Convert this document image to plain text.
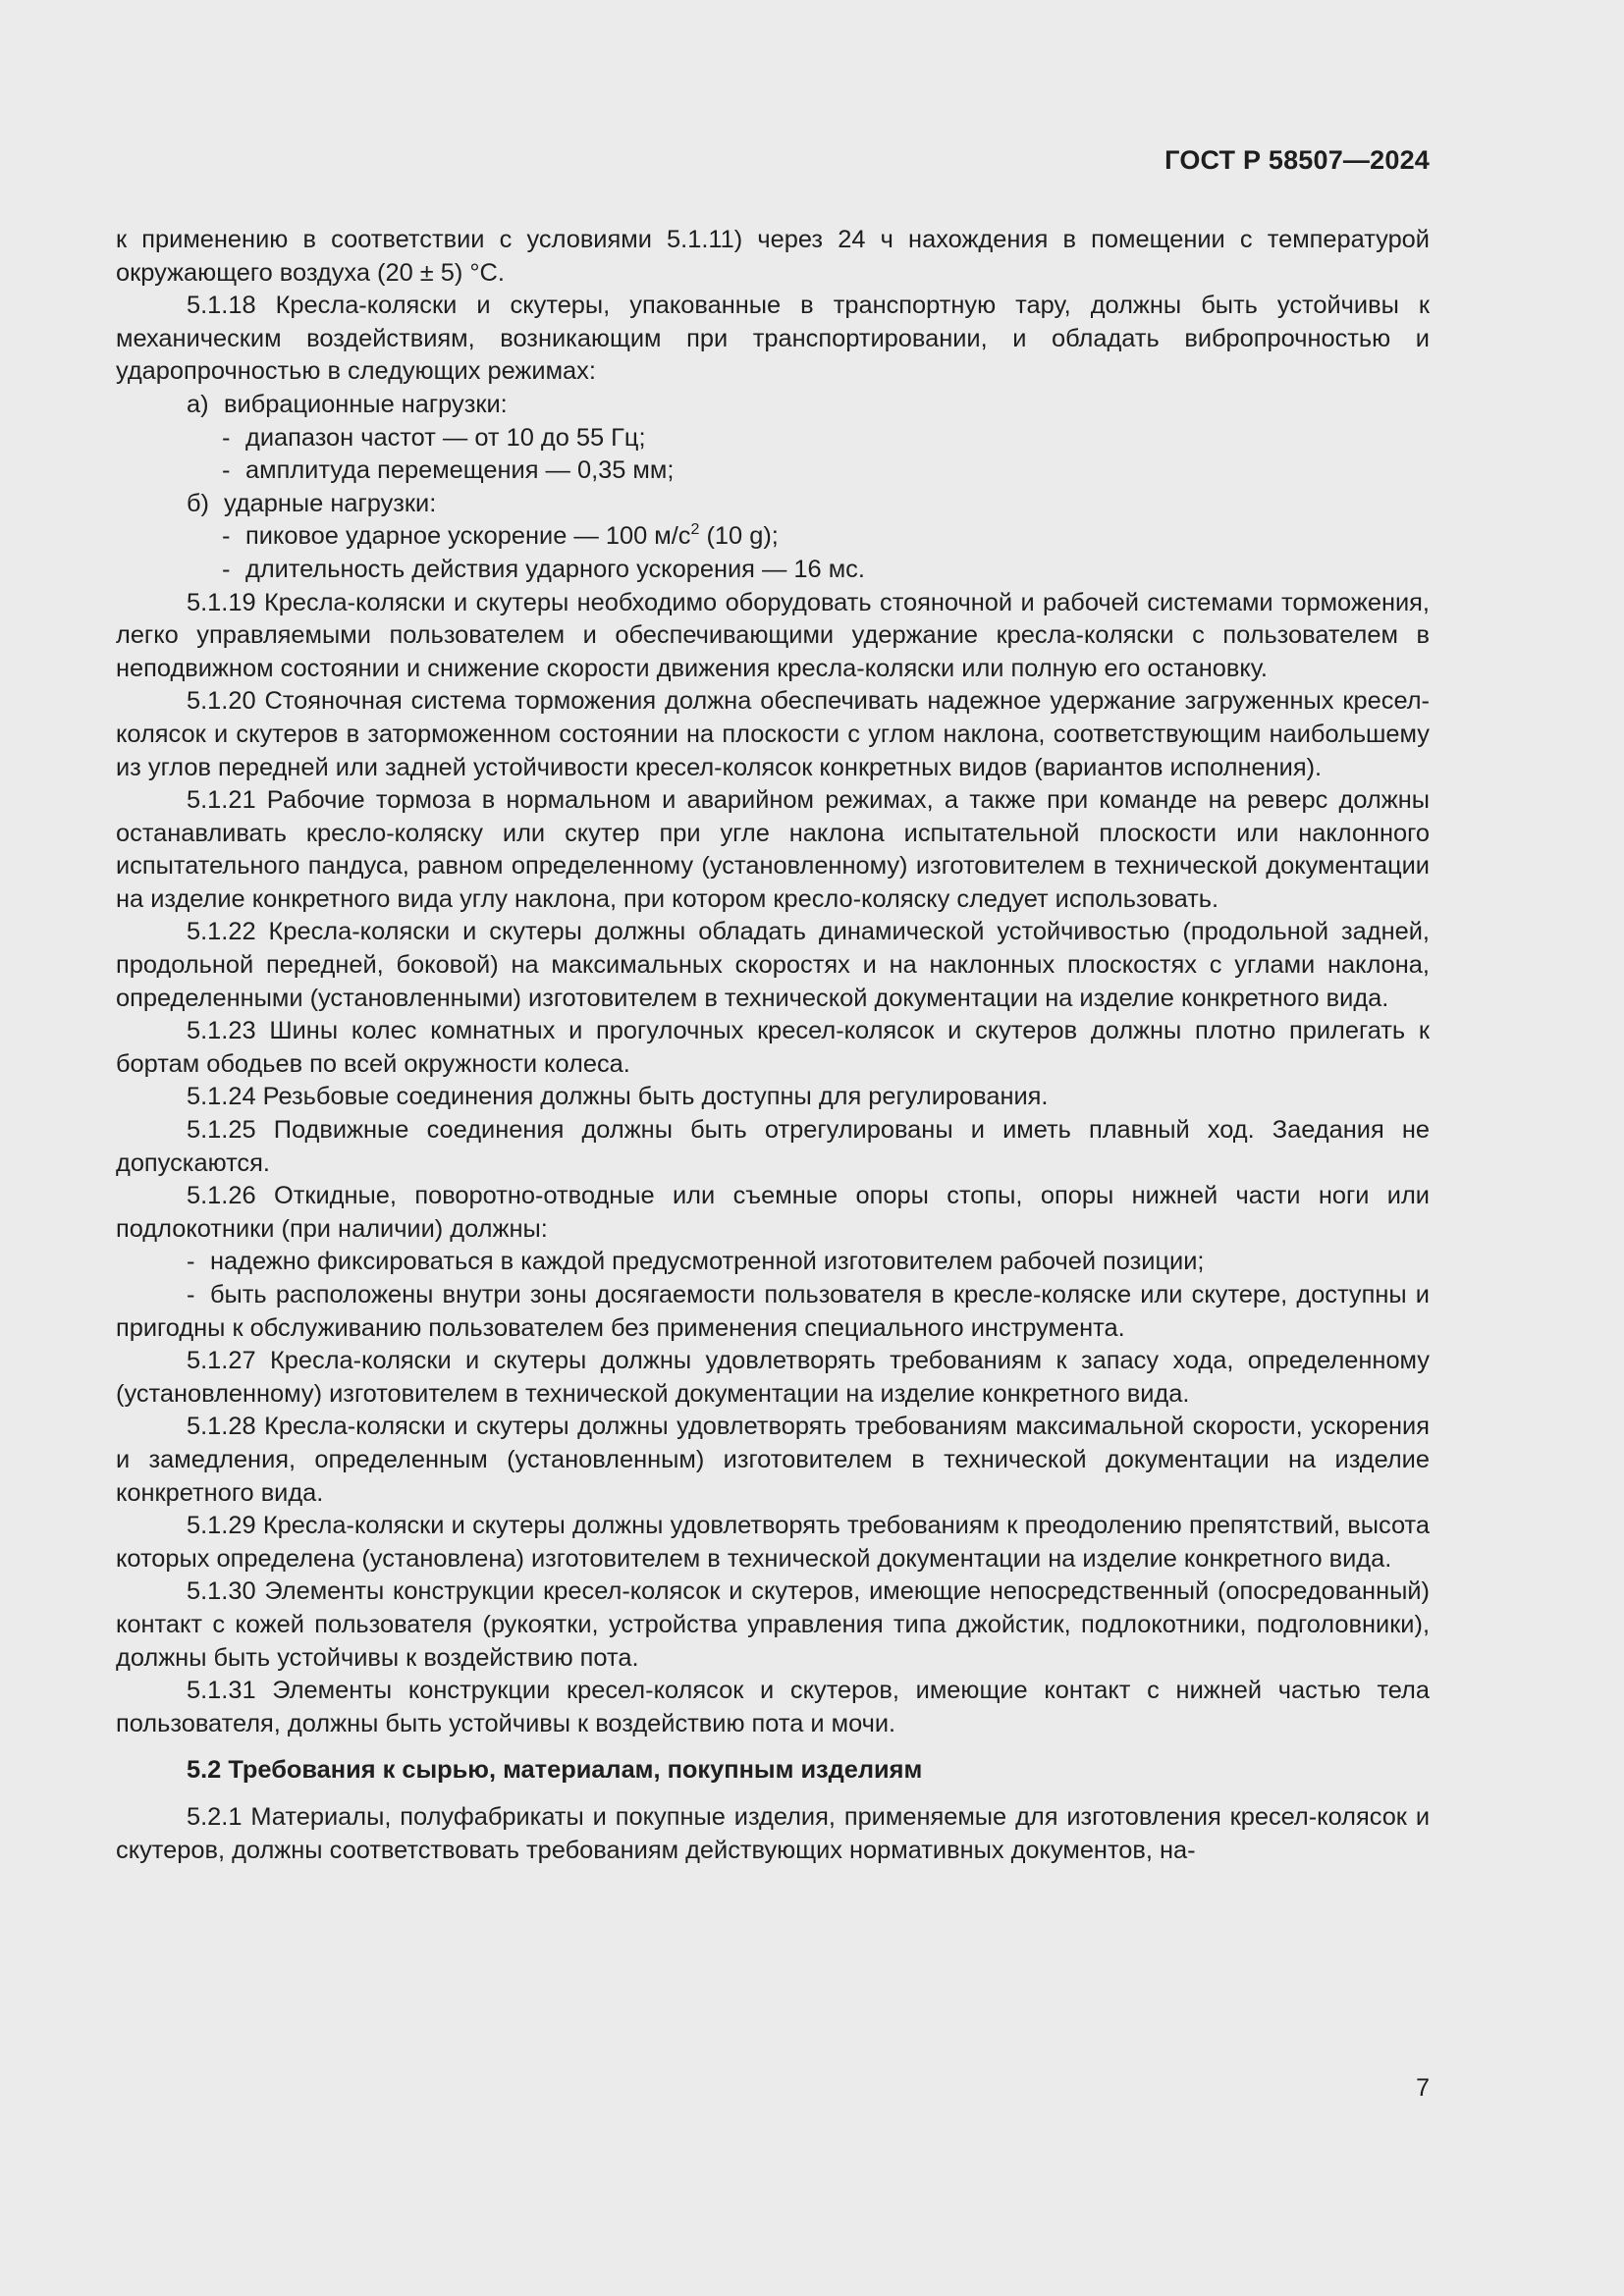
ГОСТ Р 58507—2024

к применению в соответствии с условиями 5.1.11) через 24 ч нахождения в помещении с температурой окружающего воздуха (20 ± 5) °С.

5.1.18 Кресла-коляски и скутеры, упакованные в транспортную тару, должны быть устойчивы к механическим воздействиям, возникающим при транспортировании, и обладать вибропрочностью и ударопрочностью в следующих режимах:

а) вибрационные нагрузки:
- диапазон частот — от 10 до 55 Гц;
- амплитуда перемещения — 0,35 мм;
б) ударные нагрузки:
- пиковое ударное ускорение — 100 $м/с^2$ (10 g);
- длительность действия ударного ускорения — 16 мс.

5.1.19 Кресла-коляски и скутеры необходимо оборудовать стояночной и рабочей системами торможения, легко управляемыми пользователем и обеспечивающими удержание кресла-коляски с пользователем в неподвижном состоянии и снижение скорости движения кресла-коляски или полную его остановку.

5.1.20 Стояночная система торможения должна обеспечивать надежное удержание загруженных кресел-колясок и скутеров в заторможенном состоянии на плоскости с углом наклона, соответствующим наибольшему из углов передней или задней устойчивости кресел-колясок конкретных видов (вариантов исполнения).

5.1.21 Рабочие тормоза в нормальном и аварийном режимах, а также при команде на реверс должны останавливать кресло-коляску или скутер при угле наклона испытательной плоскости или наклонного испытательного пандуса, равном определенному (установленному) изготовителем в технической документации на изделие конкретного вида углу наклона, при котором кресло-коляску следует использовать.

5.1.22 Кресла-коляски и скутеры должны обладать динамической устойчивостью (продольной задней, продольной передней, боковой) на максимальных скоростях и на наклонных плоскостях с углами наклона, определенными (установленными) изготовителем в технической документации на изделие конкретного вида.

5.1.23 Шины колес комнатных и прогулочных кресел-колясок и скутеров должны плотно прилегать к бортам ободьев по всей окружности колеса.

5.1.24 Резьбовые соединения должны быть доступны для регулирования.

5.1.25 Подвижные соединения должны быть отрегулированы и иметь плавный ход. Заедания не допускаются.

5.1.26 Откидные, поворотно-отводные или съемные опоры стопы, опоры нижней части ноги или подлокотники (при наличии) должны:

- надежно фиксироваться в каждой предусмотренной изготовителем рабочей позиции;

- быть расположены внутри зоны досягаемости пользователя в кресле-коляске или скутере, доступны и пригодны к обслуживанию пользователем без применения специального инструмента.

5.1.27 Кресла-коляски и скутеры должны удовлетворять требованиям к запасу хода, определенному (установленному) изготовителем в технической документации на изделие конкретного вида.

5.1.28 Кресла-коляски и скутеры должны удовлетворять требованиям максимальной скорости, ускорения и замедления, определенным (установленным) изготовителем в технической документации на изделие конкретного вида.

5.1.29 Кресла-коляски и скутеры должны удовлетворять требованиям к преодолению препятствий, высота которых определена (установлена) изготовителем в технической документации на изделие конкретного вида.

5.1.30 Элементы конструкции кресел-колясок и скутеров, имеющие непосредственный (опосредованный) контакт с кожей пользователя (рукоятки, устройства управления типа джойстик, подлокотники, подголовники), должны быть устойчивы к воздействию пота.

5.1.31 Элементы конструкции кресел-колясок и скутеров, имеющие контакт с нижней частью тела пользователя, должны быть устойчивы к воздействию пота и мочи.

5.2 Требования к сырью, материалам, покупным изделиям

5.2.1 Материалы, полуфабрикаты и покупные изделия, применяемые для изготовления кресел-колясок и скутеров, должны соответствовать требованиям действующих нормативных документов, на-

7
